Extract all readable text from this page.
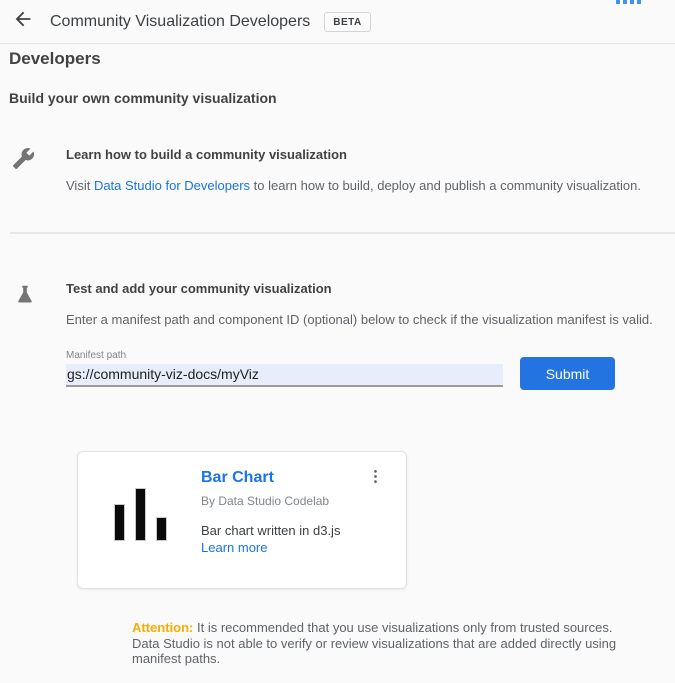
Community Visualization Developers	BETA
Developers
Build your own community visualization
Learn how to build a community visualization
Visit Data Studio for Developers to learn how to build, deploy and publish a community visualization.
Test and add your community visualization
Enter a manifest path and component ID (optional) below to check if the visualization manifest is valid.
Manifest path
gs://community-viz-docs/myViz
Submit
Bar Chart
By Data Studio Codelab
Bar chart written in d3.js
Learn more
Attention: It is recommended that you use visualizations only from trusted sources.
Data Studio is not able to verify or review visualizations that are added directly using manifest paths.
